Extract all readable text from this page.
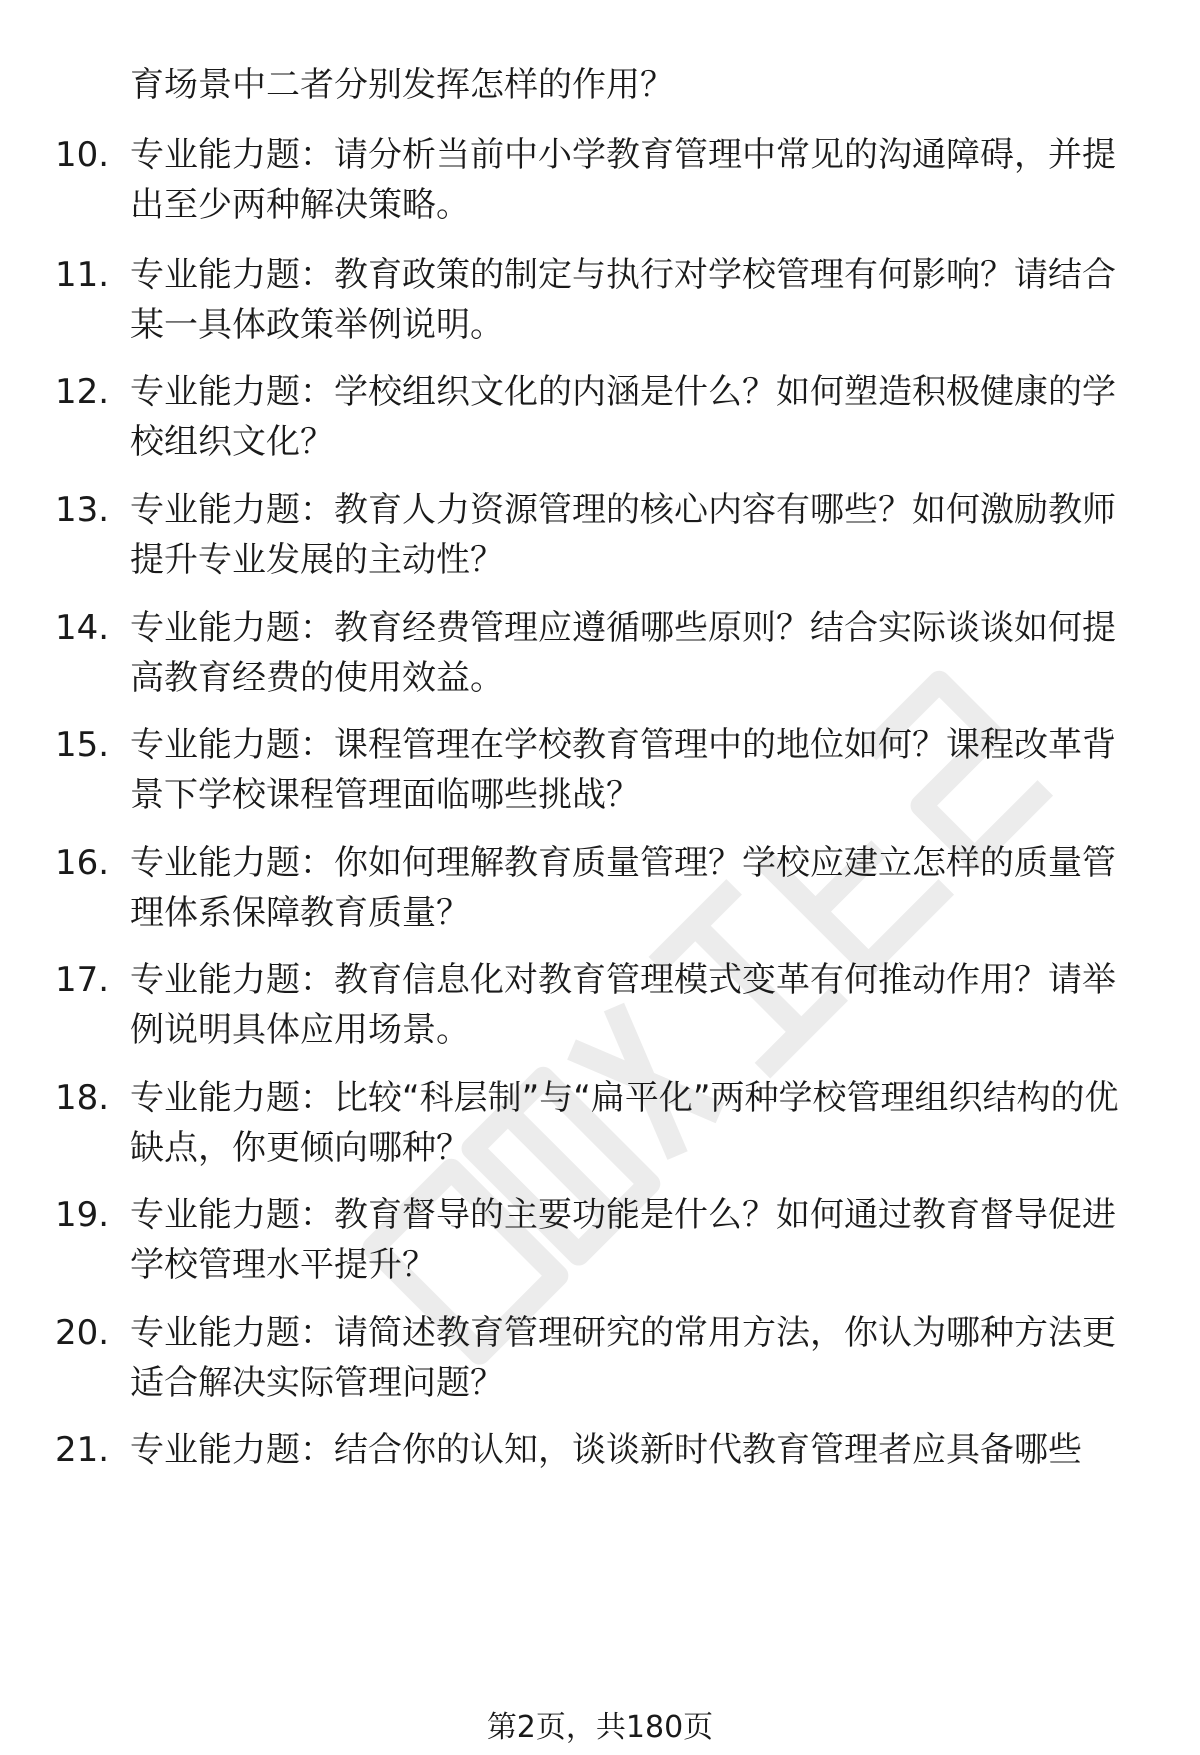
育场景中二者分别发挥怎样的作用？
10. 专业能力题：请分析当前中小学教育管理中常见的沟通障碍，并提出至少两种解决策略。
11. 专业能力题：教育政策的制定与执行对学校管理有何影响？请结合某一具体政策举例说明。
12. 专业能力题：学校组织文化的内涵是什么？如何塑造积极健康的学校组织文化？
13. 专业能力题：教育人力资源管理的核心内容有哪些？如何激励教师提升专业发展的主动性？
14. 专业能力题：教育经费管理应遵循哪些原则？结合实际谈谈如何提高教育经费的使用效益。
15. 专业能力题：课程管理在学校教育管理中的地位如何？课程改革背景下学校课程管理面临哪些挑战？
16. 专业能力题：你如何理解教育质量管理？学校应建立怎样的质量管理体系保障教育质量？
17. 专业能力题：教育信息化对教育管理模式变革有何推动作用？请举例说明具体应用场景。
18. 专业能力题：比较“科层制”与“扁平化”两种学校管理组织结构的优缺点，你更倾向哪种？
19. 专业能力题：教育督导的主要功能是什么？如何通过教育督导促进学校管理水平提升？
20. 专业能力题：请简述教育管理研究的常用方法，你认为哪种方法更适合解决实际管理问题？
21. 专业能力题：结合你的认知，谈谈新时代教育管理者应具备哪些
第2页，共180页
